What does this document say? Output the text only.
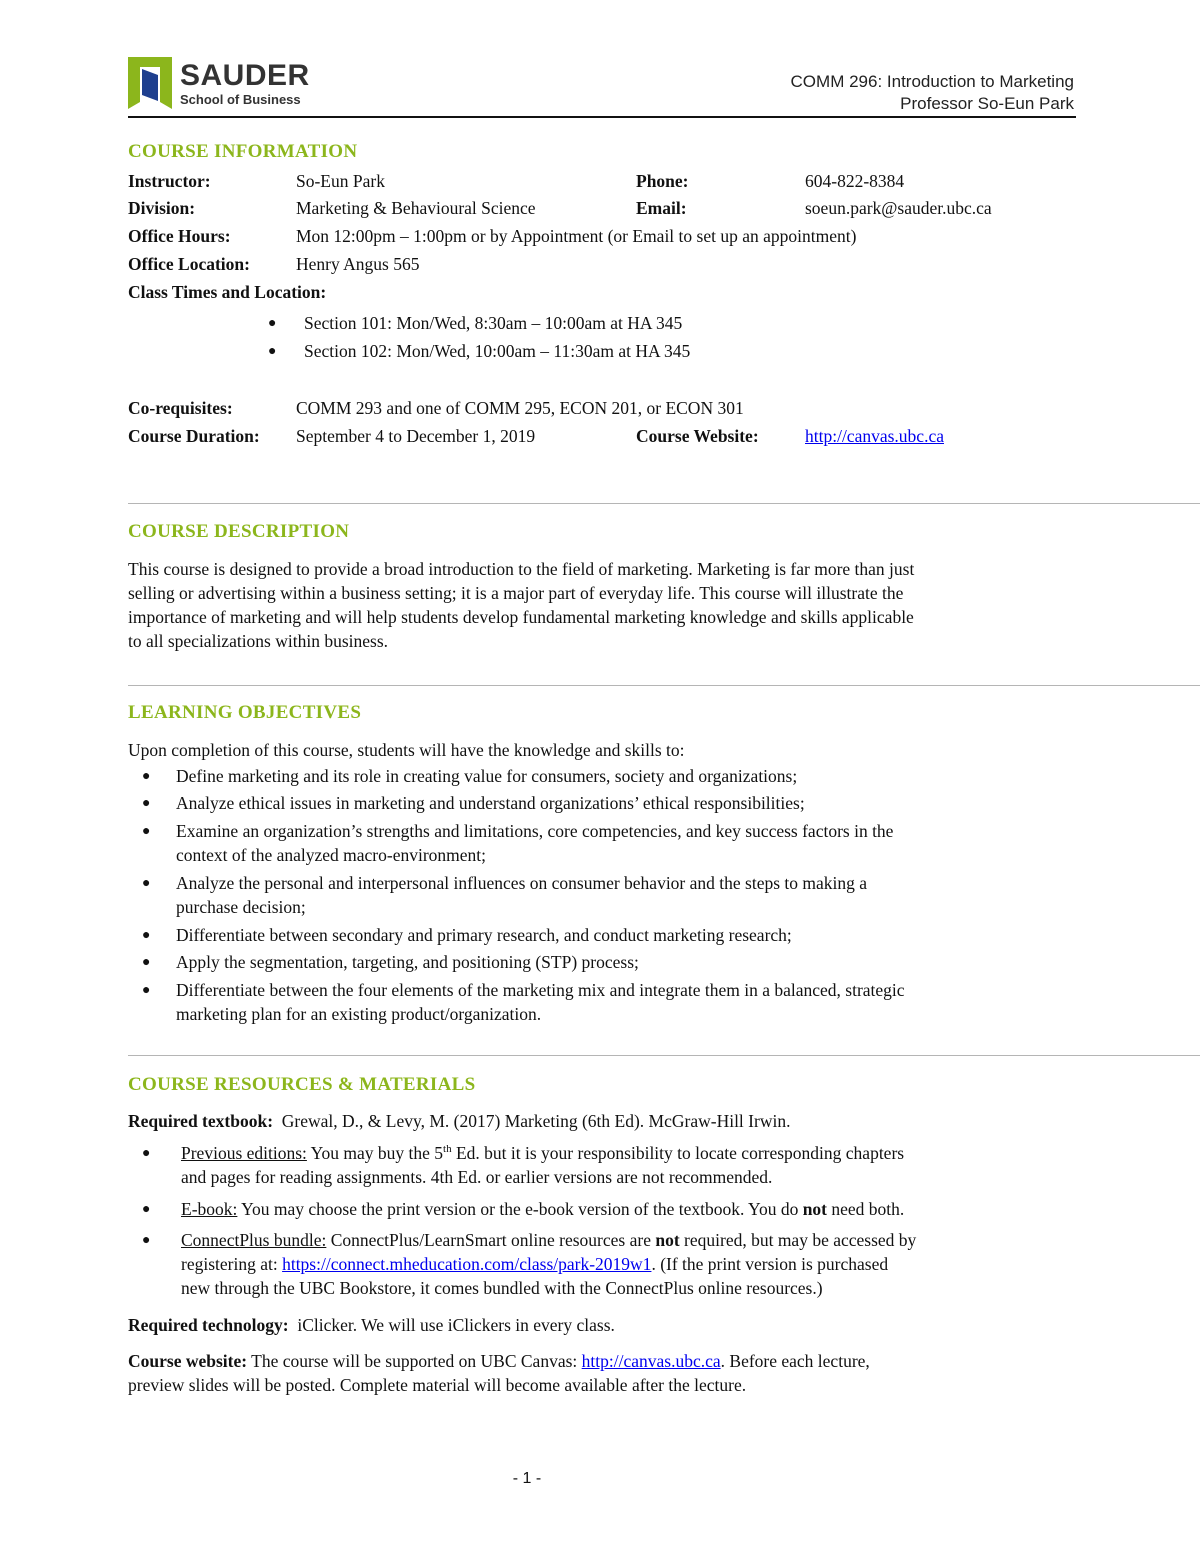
SAUDER
School of Business
COMM 296: Introduction to Marketing
Professor So-Eun Park
COURSE INFORMATION
Instructor:	So-Eun Park	Phone:	604-822-8384
Division:	Marketing & Behavioural Science	Email:	soeun.park@sauder.ubc.ca
Office Hours:	Mon 12:00pm – 1:00pm or by Appointment (or Email to set up an appointment)
Office Location:	Henry Angus 565
Class Times and Location:
● Section 101: Mon/Wed, 8:30am – 10:00am at HA 345
● Section 102: Mon/Wed, 10:00am – 11:30am at HA 345
Co-requisites:	COMM 293 and one of COMM 295, ECON 201, or ECON 301
Course Duration: September 4 to December 1, 2019	Course Website:	http://canvas.ubc.ca
COURSE DESCRIPTION
This course is designed to provide a broad introduction to the field of marketing. Marketing is far more than just
selling or advertising within a business setting; it is a major part of everyday life. This course will illustrate the
importance of marketing and will help students develop fundamental marketing knowledge and skills applicable
to all specializations within business.
LEARNING OBJECTIVES
Upon completion of this course, students will have the knowledge and skills to:
● Define marketing and its role in creating value for consumers, society and organizations;
● Analyze ethical issues in marketing and understand organizations’ ethical responsibilities;
● Examine an organization’s strengths and limitations, core competencies, and key success factors in the
context of the analyzed macro-environment;
● Analyze the personal and interpersonal influences on consumer behavior and the steps to making a
purchase decision;
● Differentiate between secondary and primary research, and conduct marketing research;
● Apply the segmentation, targeting, and positioning (STP) process;
● Differentiate between the four elements of the marketing mix and integrate them in a balanced, strategic
marketing plan for an existing product/organization.
COURSE RESOURCES & MATERIALS
Required textbook: Grewal, D., & Levy, M. (2017) Marketing (6th Ed). McGraw-Hill Irwin.
● Previous editions: You may buy the 5th Ed. but it is your responsibility to locate corresponding chapters
and pages for reading assignments. 4th Ed. or earlier versions are not recommended.
● E-book: You may choose the print version or the e-book version of the textbook. You do not need both.
● ConnectPlus bundle: ConnectPlus/LearnSmart online resources are not required, but may be accessed by
registering at: https://connect.mheducation.com/class/park-2019w1. (If the print version is purchased
new through the UBC Bookstore, it comes bundled with the ConnectPlus online resources.)
Required technology: iClicker. We will use iClickers in every class.
Course website: The course will be supported on UBC Canvas: http://canvas.ubc.ca. Before each lecture,
preview slides will be posted. Complete material will become available after the lecture.
- 1 -
